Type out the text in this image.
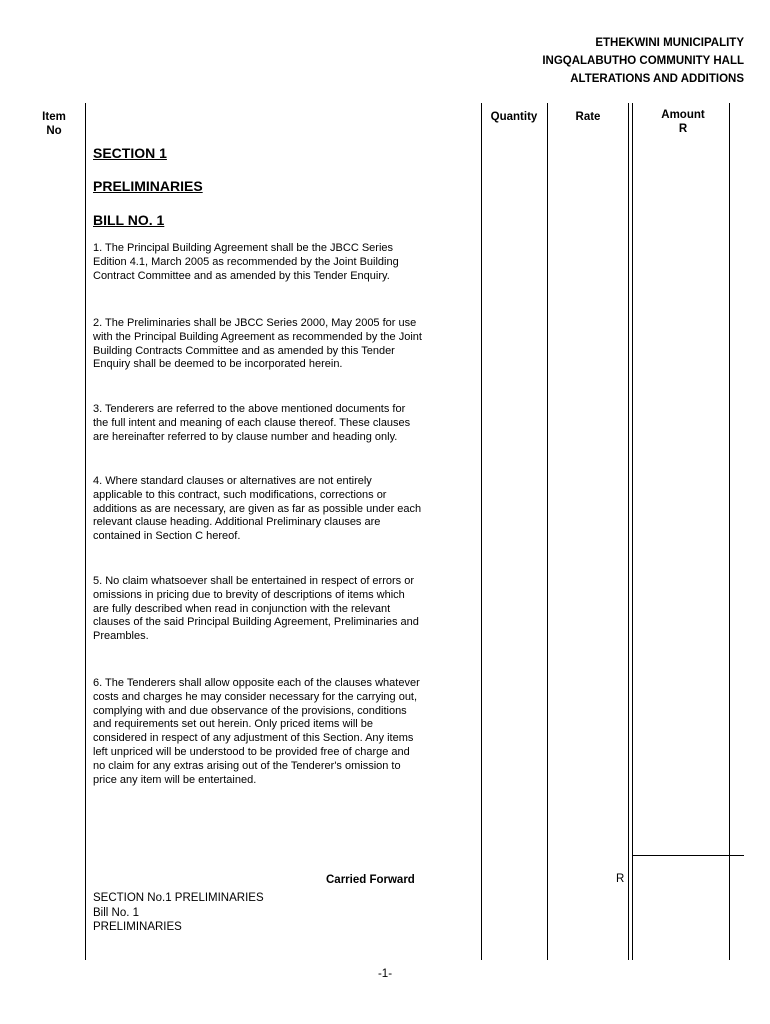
ETHEKWINI MUNICIPALITY
INGQALABUTHO COMMUNITY HALL
ALTERATIONS AND ADDITIONS
Item
No
Quantity	Rate	Amount
R
SECTION 1
PRELIMINARIES
BILL NO. 1
1. The Principal Building Agreement shall be the JBCC Series Edition 4.1, March 2005 as recommended by the Joint Building Contract Committee and as amended by this Tender Enquiry.
2. The Preliminaries shall be JBCC Series 2000, May 2005 for use with the Principal Building Agreement as recommended by the Joint Building Contracts Committee and as amended by this Tender Enquiry shall be deemed to be incorporated herein.
3. Tenderers are referred to the above mentioned documents for the full intent and meaning of each clause thereof. These clauses are hereinafter referred to by clause number and heading only.
4. Where standard clauses or alternatives are not entirely applicable to this contract, such modifications, corrections or additions as are necessary, are given as far as possible under each relevant clause heading. Additional Preliminary clauses are contained in Section C hereof.
5. No claim whatsoever shall be entertained in respect of errors or omissions in pricing due to brevity of descriptions of items which are fully described when read in conjunction with the relevant clauses of the said Principal Building Agreement, Preliminaries and Preambles.
6. The Tenderers shall allow opposite each of the clauses whatever costs and charges he may consider necessary for the carrying out, complying with and due observance of the provisions, conditions and requirements set out herein. Only priced items will be considered in respect of any adjustment of this Section. Any items left unpriced will be understood to be provided free of charge and no claim for any extras arising out of the Tenderer's omission to price any item will be entertained.
Carried Forward	R
SECTION No.1 PRELIMINARIES
Bill No. 1
PRELIMINARIES
-1-
